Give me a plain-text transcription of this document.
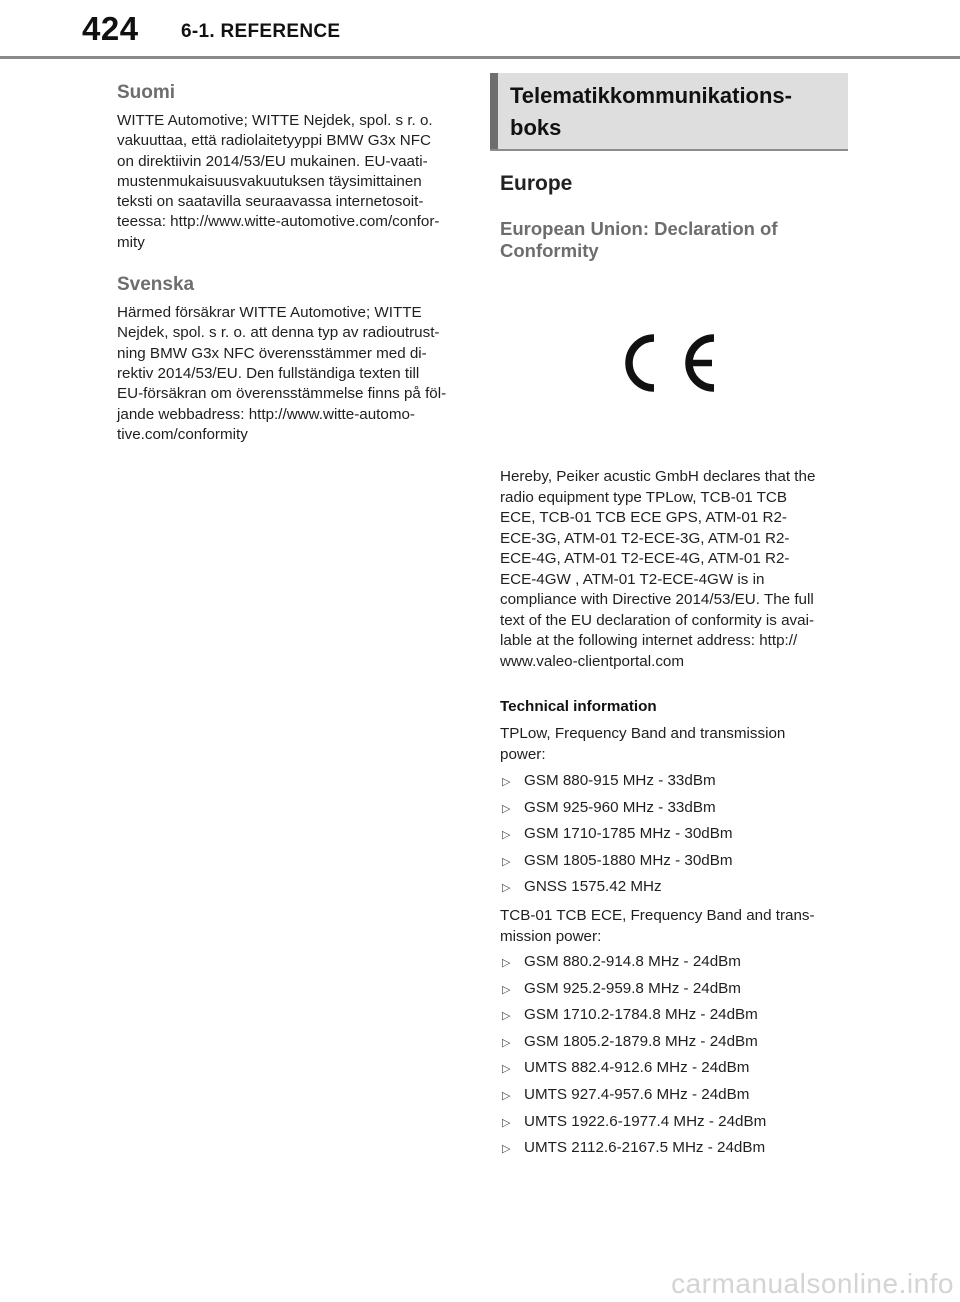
424 6-1. REFERENCE
Suomi

WITTE Automotive; WITTE Nejdek, spol. s r. o.
vakuuttaa, että radiolaitetyyppi BMW G3x NFC
on direktiivin 2014/53/EU mukainen. EU-vaati-
mustenmukaisuusvakuutuksen täysimittainen
teksti on saatavilla seuraavassa internetosoit-
teessa: http://www.witte-automotive.com/confor-
mity

Svenska

Härmed försäkrar WITTE Automotive; WITTE
Nejdek, spol. s r. o. att denna typ av radioutrust-
ning BMW G3x NFC överensstämmer med di-
rektiv 2014/53/EU. Den fullständiga texten till
EU-försäkran om överensstämmelse finns på föl-
jande webbadress: http://www.witte-automo-
tive.com/conformity

Telematikkommunikations-
boks
Europe
European Union: Declaration of
Conformity

Hereby, Peiker acustic GmbH declares that the
radio equipment type TPLow, TCB-01 TCB
ECE, TCB-01 TCB ECE GPS, ATM-01 R2-
ECE-3G, ATM-01 T2-ECE-3G, ATM-01 R2-
ECE-4G, ATM-01 T2-ECE-4G, ATM-01 R2-
ECE-4GW , ATM-01 T2-ECE-4GW is in
compliance with Directive 2014/53/EU. The full
text of the EU declaration of conformity is avai-
lable at the following internet address: http://
www.valeo-clientportal.com

Technical information

TPLow, Frequency Band and transmission
power:

▷ GSM 880-915 MHz - 33dBm
▷ GSM 925-960 MHz - 33dBm
▷ GSM 1710-1785 MHz - 30dBm
▷ GSM 1805-1880 MHz - 30dBm
▷ GNSS 1575.42 MHz

TCB-01 TCB ECE, Frequency Band and trans-
mission power:

▷ GSM 880.2-914.8 MHz - 24dBm
▷ GSM 925.2-959.8 MHz - 24dBm
▷ GSM 1710.2-1784.8 MHz - 24dBm
▷ GSM 1805.2-1879.8 MHz - 24dBm
▷ UMTS 882.4-912.6 MHz - 24dBm
▷ UMTS 927.4-957.6 MHz - 24dBm
▷ UMTS 1922.6-1977.4 MHz - 24dBm
▷ UMTS 2112.6-2167.5 MHz - 24dBm
carmanualsonline.info
